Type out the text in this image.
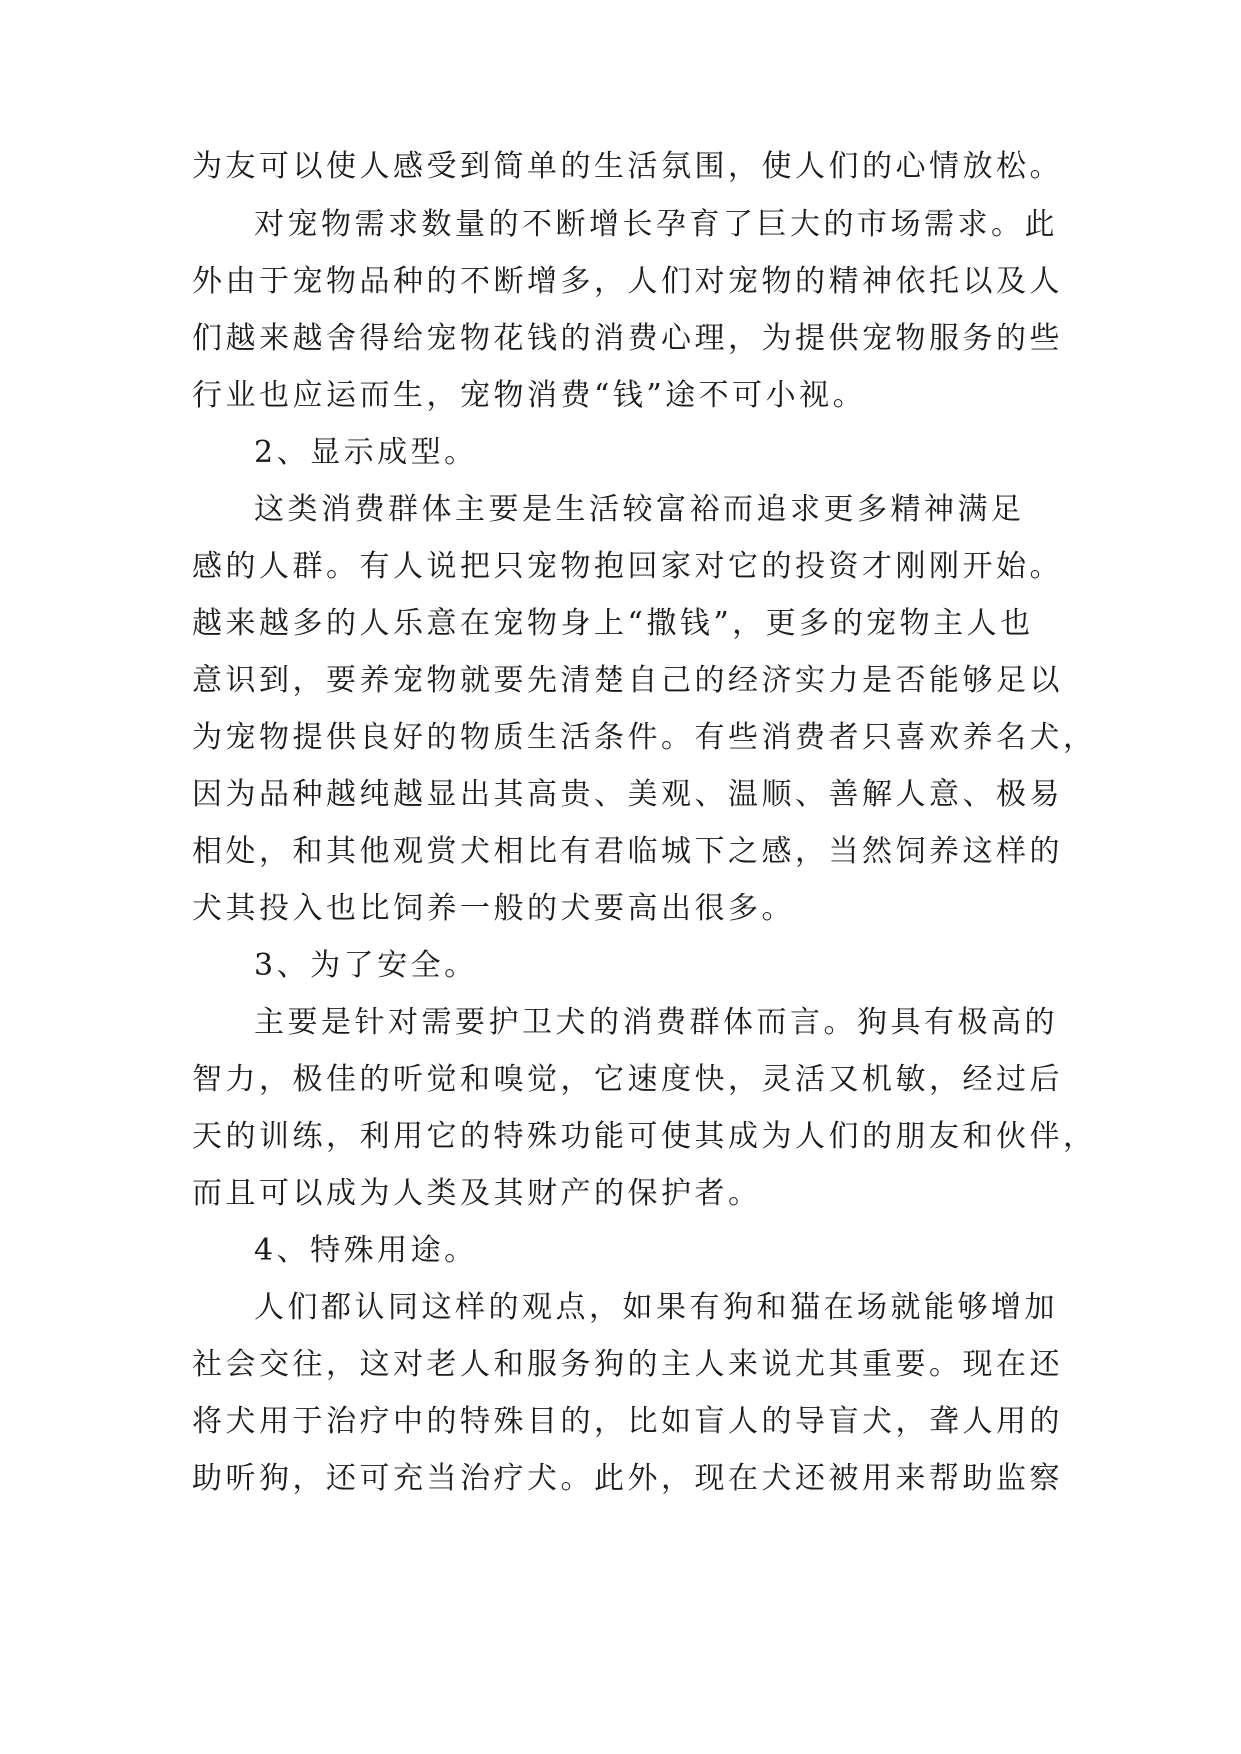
为友可以使人感受到简单的生活氛围，使人们的心情放松。
对宠物需求数量的不断增长孕育了巨大的市场需求。此
外由于宠物品种的不断增多，人们对宠物的精神依托以及人
们越来越舍得给宠物花钱的消费心理，为提供宠物服务的些
行业也应运而生，宠物消费“钱”途不可小视。
2、显示成型。
这类消费群体主要是生活较富裕而追求更多精神满足
感的人群。有人说把只宠物抱回家对它的投资才刚刚开始。
越来越多的人乐意在宠物身上“撒钱”，更多的宠物主人也
意识到，要养宠物就要先清楚自己的经济实力是否能够足以
为宠物提供良好的物质生活条件。有些消费者只喜欢养名犬，
因为品种越纯越显出其高贵、美观、温顺、善解人意、极易
相处，和其他观赏犬相比有君临城下之感，当然饲养这样的
犬其投入也比饲养一般的犬要高出很多。
3、为了安全。
主要是针对需要护卫犬的消费群体而言。狗具有极高的
智力，极佳的听觉和嗅觉，它速度快，灵活又机敏，经过后
天的训练，利用它的特殊功能可使其成为人们的朋友和伙伴，
而且可以成为人类及其财产的保护者。
4、特殊用途。
人们都认同这样的观点，如果有狗和猫在场就能够增加
社会交往，这对老人和服务狗的主人来说尤其重要。现在还
将犬用于治疗中的特殊目的，比如盲人的导盲犬，聋人用的
助听狗，还可充当治疗犬。此外，现在犬还被用来帮助监察
